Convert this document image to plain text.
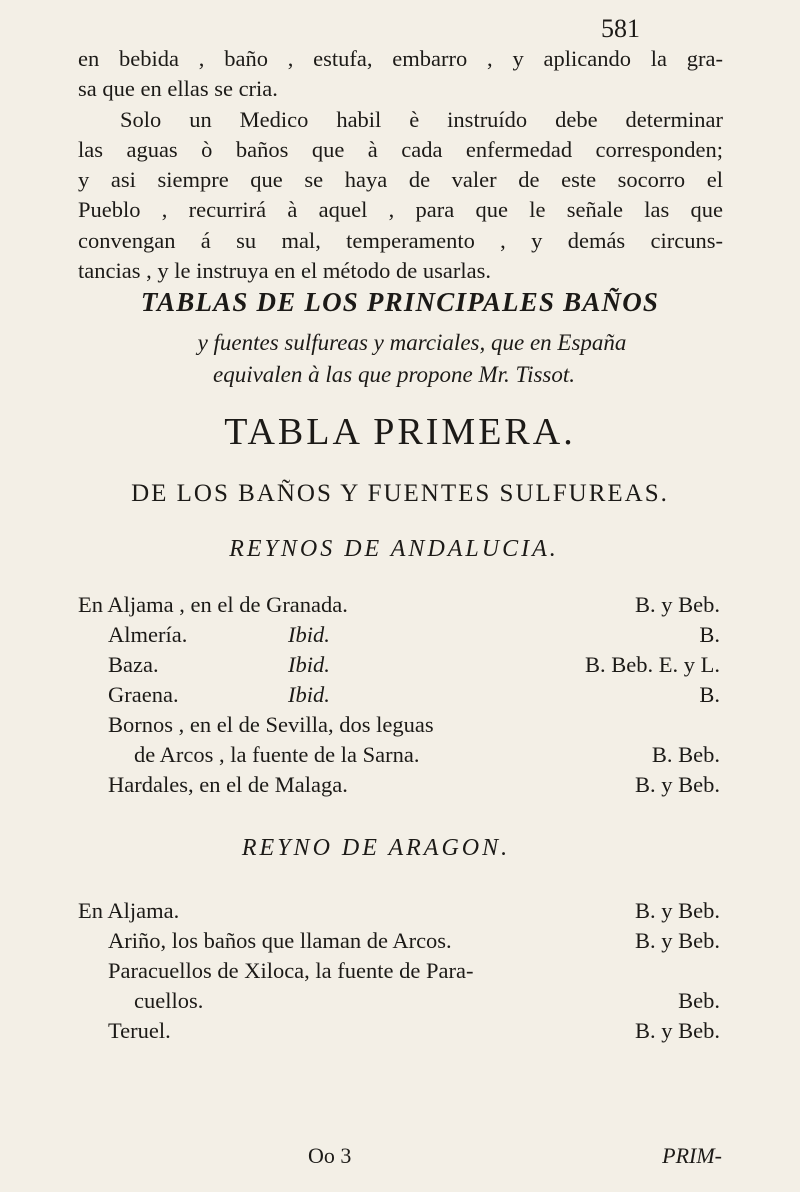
581
en bebida , baño , estufa, embarro , y aplicando la gra-
sa que en ellas se cria.
Solo un Medico habil è instruído debe determinar
las aguas ò baños que à cada enfermedad corresponden;
y asi siempre que se haya de valer de este socorro el
Pueblo , recurrirá à aquel , para que le señale las que
convengan á su mal, temperamento , y demás circuns-
tancias , y le instruya en el método de usarlas.
TABLAS DE LOS PRINCIPALES BAÑOS
y fuentes sulfureas y marciales, que en España
equivalen à las que propone Mr. Tissot.
TABLA PRIMERA.
DE LOS BAÑOS Y FUENTES SULFUREAS.
REYNOS DE ANDALUCIA.
En Aljama , en el de Granada.	B. y Beb.
Almería.	Ibid.	B.
Baza.	Ibid.	B. Beb. E. y L.
Graena.	Ibid.	B.
Bornos , en el de Sevilla, dos leguas
de Arcos , la fuente de la Sarna.	B. Beb.
Hardales, en el de Malaga.	B. y Beb.
REYNO DE ARAGON.
En Aljama.	B. y Beb.
Ariño, los baños que llaman de Arcos.	B. y Beb.
Paracuellos de Xiloca, la fuente de Para-
cuellos.	Beb.
Teruel.	B. y Beb.
Oo 3	PRIM-
